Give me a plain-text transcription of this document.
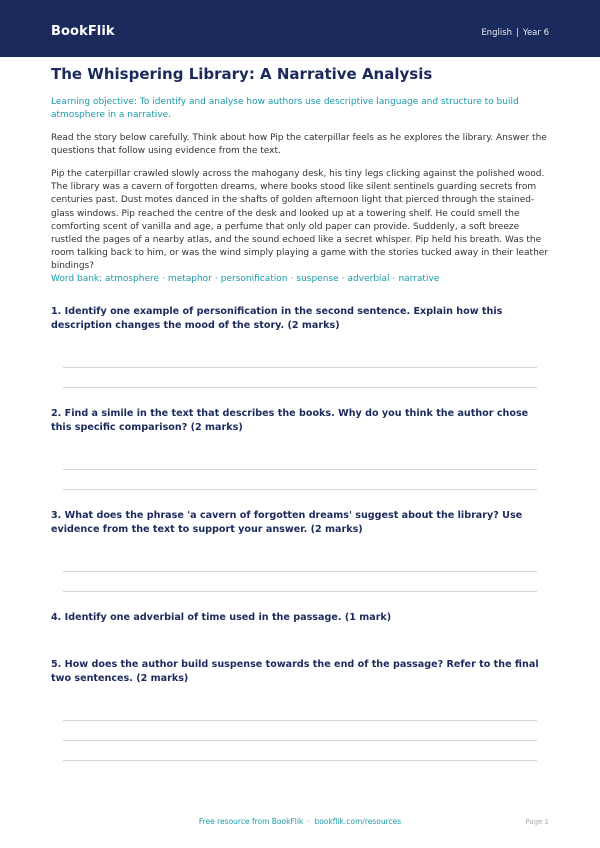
BookFlik	English | Year 6
The Whispering Library: A Narrative Analysis
Learning objective: To identify and analyse how authors use descriptive language and structure to build atmosphere in a narrative.
Read the story below carefully. Think about how Pip the caterpillar feels as he explores the library. Answer the questions that follow using evidence from the text.
Pip the caterpillar crawled slowly across the mahogany desk, his tiny legs clicking against the polished wood. The library was a cavern of forgotten dreams, where books stood like silent sentinels guarding secrets from centuries past. Dust motes danced in the shafts of golden afternoon light that pierced through the stained-glass windows. Pip reached the centre of the desk and looked up at a towering shelf. He could smell the comforting scent of vanilla and age, a perfume that only old paper can provide. Suddenly, a soft breeze rustled the pages of a nearby atlas, and the sound echoed like a secret whisper. Pip held his breath. Was the room talking back to him, or was the wind simply playing a game with the stories tucked away in their leather bindings?
Word bank: atmosphere · metaphor · personification · suspense · adverbial · narrative
1. Identify one example of personification in the second sentence. Explain how this description changes the mood of the story. (2 marks)
2. Find a simile in the text that describes the books. Why do you think the author chose this specific comparison? (2 marks)
3. What does the phrase 'a cavern of forgotten dreams' suggest about the library? Use evidence from the text to support your answer. (2 marks)
4. Identify one adverbial of time used in the passage. (1 mark)
5. How does the author build suspense towards the end of the passage? Refer to the final two sentences. (2 marks)
Free resource from BookFlik · bookflik.com/resources	Page 1
